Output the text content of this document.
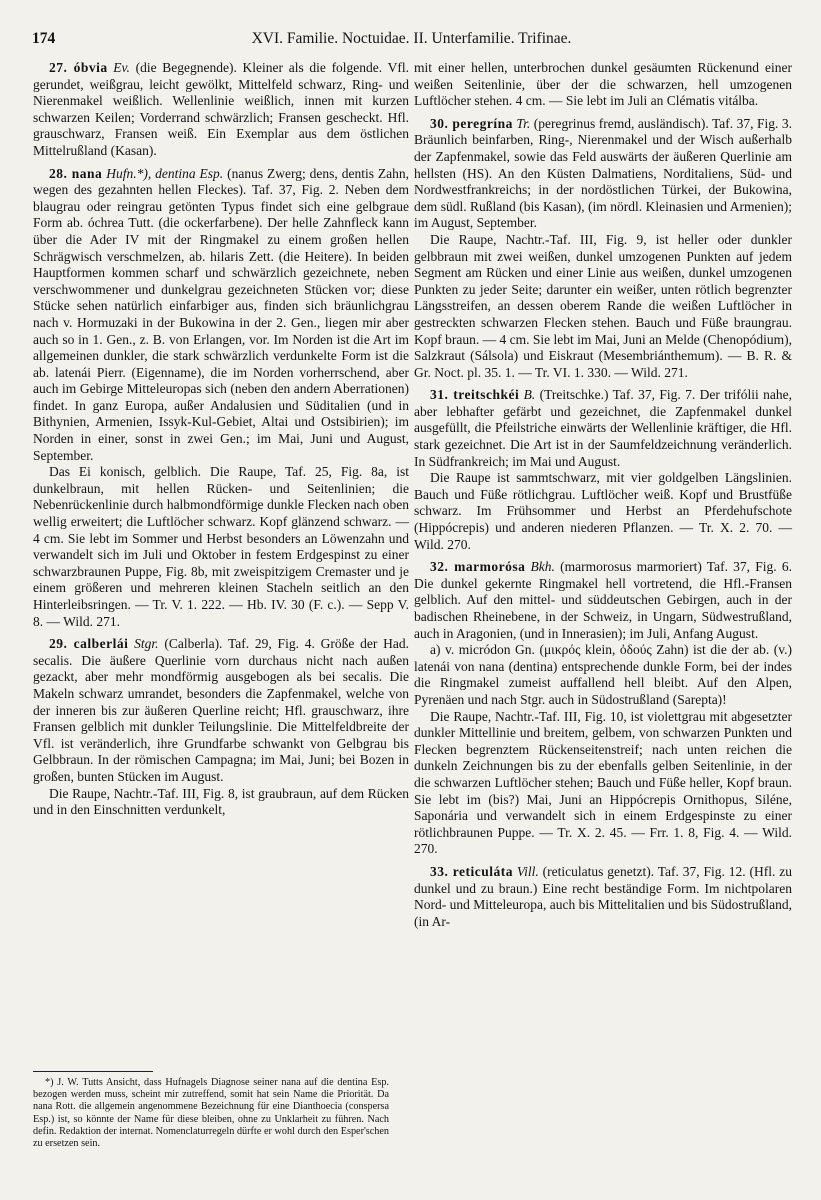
174	XVI. Familie. Noctuidae. II. Unterfamilie. Trifinae.

27. óbvia Ev. (die Begegnende). Kleiner als die folgende. Vfl. gerundet, weißgrau, leicht gewölkt, Mittelfeld schwarz, Ring- und Nierenmakel weißlich. Wellenlinie weißlich, innen mit kurzen schwarzen Keilen; Vorderrand schwärzlich; Fransen gescheckt. Hfl. grauschwarz, Fransen weiß. Ein Exemplar aus dem östlichen Mittelrußland (Kasan).

28. nana Hufn.*), dentina Esp. (nanus Zwerg; dens, dentis Zahn, wegen des gezahnten hellen Fleckes). Taf. 37, Fig. 2. Neben dem blaugrau oder reingrau getönten Typus findet sich eine gelbgraue Form ab. óchrea Tutt. (die ockerfarbene). Der helle Zahnfleck kann über die Ader IV mit der Ringmakel zu einem großen hellen Schrägwisch verschmelzen, ab. hilaris Zett. (die Heitere). In beiden Hauptformen kommen scharf und schwärzlich gezeichnete, neben verschwommener und dunkelgrau gezeichneten Stücken vor; diese Stücke sehen natürlich einfarbiger aus, finden sich bräunlichgrau nach v. Hormuzaki in der Bukowina in der 2. Gen., liegen mir aber auch so in 1. Gen., z. B. von Erlangen, vor. Im Norden ist die Art im allgemeinen dunkler, die stark schwärzlich verdunkelte Form ist die ab. latenái Pierr. (Eigenname), die im Norden vorherrschend, aber auch im Gebirge Mitteleuropas sich (neben den andern Aberrationen) findet. In ganz Europa, außer Andalusien und Süditalien (und in Bithynien, Armenien, Issyk-Kul-Gebiet, Altai und Ostsibirien); im Norden in einer, sonst in zwei Gen.; im Mai, Juni und August, September.

Das Ei konisch, gelblich. Die Raupe, Taf. 25, Fig. 8a, ist dunkelbraun, mit hellen Rücken- und Seitenlinien; die Nebenrückenlinie durch halbmondförmige dunkle Flecken nach oben wellig erweitert; die Luftlöcher schwarz. Kopf glänzend schwarz. — 4 cm. Sie lebt im Sommer und Herbst besonders an Löwenzahn und verwandelt sich im Juli und Oktober in festem Erdgespinst zu einer schwarzbraunen Puppe, Fig. 8b, mit zweispitzigem Cremaster und je einem größeren und mehreren kleinen Stacheln seitlich an den Hinterleibsringen. — Tr. V. 1. 222. — Hb. IV. 30 (F. c.). — Sepp V. 8. — Wild. 271.

29. calberlái Stgr. (Calberla). Taf. 29, Fig. 4. Größe der Had. secalis. Die äußere Querlinie vorn durchaus nicht nach außen gezackt, aber mehr mondförmig ausgebogen als bei secalis. Die Makeln schwarz umrandet, besonders die Zapfenmakel, welche von der inneren bis zur äußeren Querline reicht; Hfl. grauschwarz, ihre Fransen gelblich mit dunkler Teilungslinie. Die Mittelfeldbreite der Vfl. ist veränderlich, ihre Grundfarbe schwankt von Gelbgrau bis Gelbbraun. In der römischen Campagna; im Mai, Juni; bei Bozen in großen, bunten Stücken im August.

Die Raupe, Nachtr.-Taf. III, Fig. 8, ist graubraun, auf dem Rücken und in den Einschnitten verdunkelt,

*) J. W. Tutts Ansicht, dass Hufnagels Diagnose seiner nana auf die dentina Esp. bezogen werden muss, scheint mir zutreffend, somit hat sein Name die Priorität. Da nana Rott. die allgemein angenommene Bezeichnung für eine Dianthoecia (conspersa Esp.) ist, so könnte der Name für diese bleiben, ohne zu Unklarheit zu führen. Nach defin. Redaktion der internat. Nomenclaturregeln dürfte er wohl durch den Esper'schen zu ersetzen sein.

mit einer hellen, unterbrochen dunkel gesäumten Rückenund einer weißen Seitenlinie, über der die schwarzen, hell umzogenen Luftlöcher stehen. 4 cm. — Sie lebt im Juli an Clématis vitálba.

30. peregrína Tr. (peregrinus fremd, ausländisch). Taf. 37, Fig. 3. Bräunlich beinfarben, Ring-, Nierenmakel und der Wisch außerhalb der Zapfenmakel, sowie das Feld auswärts der äußeren Querlinie am hellsten (HS). An den Küsten Dalmatiens, Norditaliens, Süd- und Nordwestfrankreichs; in der nordöstlichen Türkei, der Bukowina, dem südl. Rußland (bis Kasan), (im nördl. Kleinasien und Armenien); im August, September.

Die Raupe, Nachtr.-Taf. III, Fig. 9, ist heller oder dunkler gelbbraun mit zwei weißen, dunkel umzogenen Punkten auf jedem Segment am Rücken und einer Linie aus weißen, dunkel umzogenen Punkten zu jeder Seite; darunter ein weißer, unten rötlich begrenzter Längsstreifen, an dessen oberem Rande die weißen Luftlöcher in gestreckten schwarzen Flecken stehen. Bauch und Füße braungrau. Kopf braun. — 4 cm. Sie lebt im Mai, Juni an Melde (Chenopódium), Salzkraut (Sálsola) und Eiskraut (Mesembriánthemum). — B. R. & Gr. Noct. pl. 35. 1. — Tr. VI. 1. 330. — Wild. 271.

31. treitschkéi B. (Treitschke.) Taf. 37, Fig. 7. Der trifólii nahe, aber lebhafter gefärbt und gezeichnet, die Zapfenmakel dunkel ausgefüllt, die Pfeilstriche einwärts der Wellenlinie kräftiger, die Hfl. stark gezeichnet. Die Art ist in der Saumfeldzeichnung veränderlich. In Südfrankreich; im Mai und August.

Die Raupe ist sammtschwarz, mit vier goldgelben Längslinien. Bauch und Füße rötlichgrau. Luftlöcher weiß. Kopf und Brustfüße schwarz. Im Frühsommer und Herbst an Pferdehufschote (Hippócrepis) und anderen niederen Pflanzen. — Tr. X. 2. 70. — Wild. 270.

32. marmorósa Bkh. (marmorosus marmoriert) Taf. 37, Fig. 6. Die dunkel gekernte Ringmakel hell vortretend, die Hfl.-Fransen gelblich. Auf den mittel- und süddeutschen Gebirgen, auch in der badischen Rheinebene, in der Schweiz, in Ungarn, Südwestrußland, auch in Aragonien, (und in Innerasien); im Juli, Anfang August.

a) v. micródon Gn. (μικρός klein, ὀδούς Zahn) ist die der ab. (v.) latenái von nana (dentina) entsprechende dunkle Form, bei der indes die Ringmakel zumeist auffallend hell bleibt. Auf den Alpen, Pyrenäen und nach Stgr. auch in Südostrußland (Sarepta)!

Die Raupe, Nachtr.-Taf. III, Fig. 10, ist violettgrau mit abgesetzter dunkler Mittellinie und breitem, gelbem, von schwarzen Punkten und Flecken begrenztem Rückenseitenstreif; nach unten reichen die dunkeln Zeichnungen bis zu der ebenfalls gelben Seitenlinie, in der die schwarzen Luftlöcher stehen; Bauch und Füße heller, Kopf braun. Sie lebt im (bis?) Mai, Juni an Hippócrepis Ornithopus, Siléne, Saponária und verwandelt sich in einem Erdgespinste zu einer rötlichbraunen Puppe. — Tr. X. 2. 45. — Frr. 1. 8, Fig. 4. — Wild. 270.

33. reticuláta Vill. (reticulatus genetzt). Taf. 37, Fig. 12. (Hfl. zu dunkel und zu braun.) Eine recht beständige Form. Im nichtpolaren Nord- und Mitteleuropa, auch bis Mittelitalien und bis Südostrußland, (in Ar-
